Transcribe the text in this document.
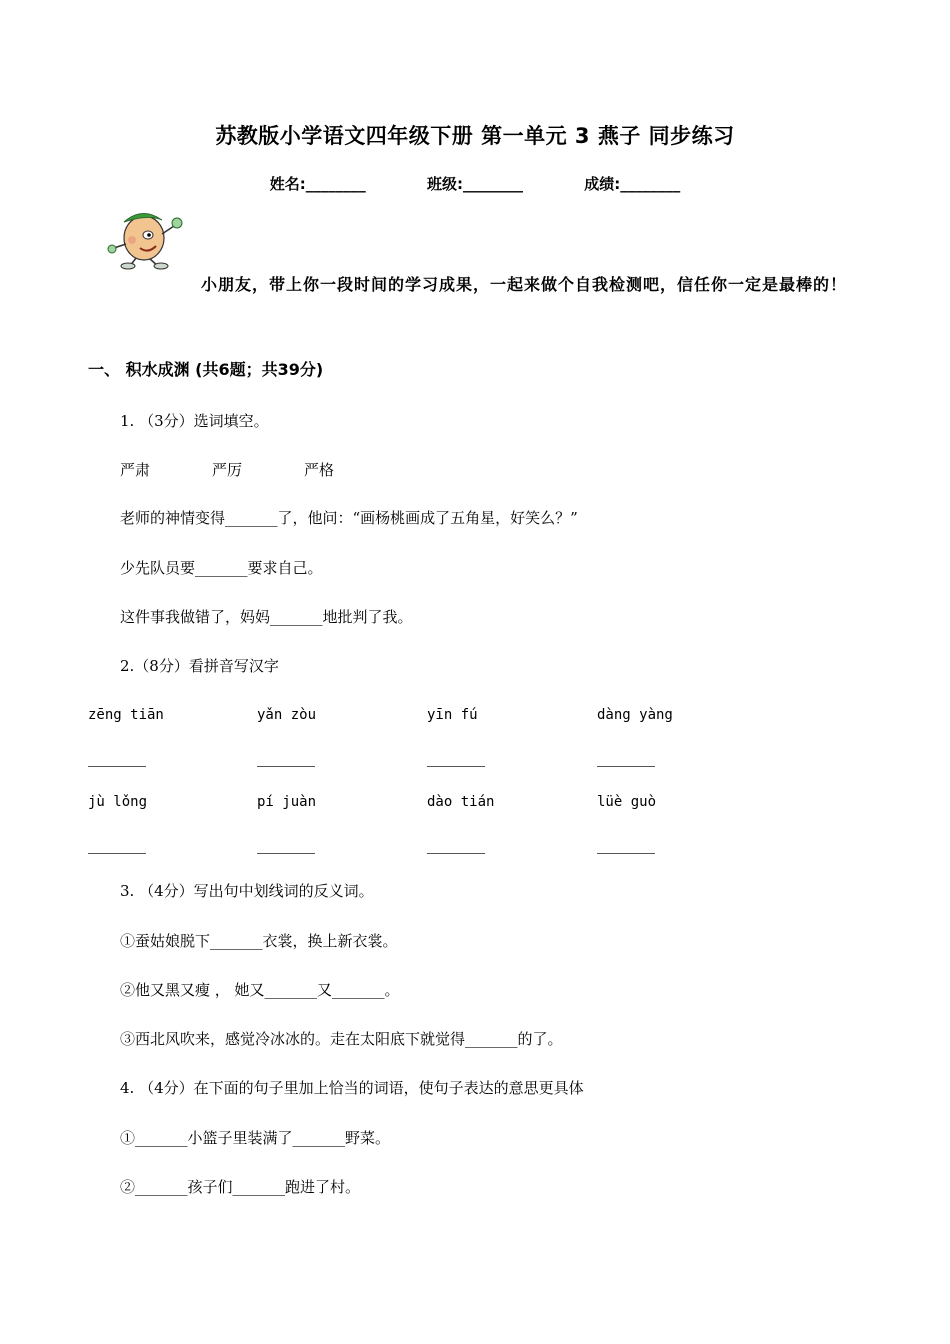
苏教版小学语文四年级下册 第一单元 3 燕子 同步练习
姓名:________	班级:________	成绩:________
小朋友，带上你一段时间的学习成果，一起来做个自我检测吧，信任你一定是最棒的！
一、 积水成渊 (共6题；共39分)
1. （3分）选词填空。
严肃	严厉	严格
老师的神情变得_______了，他问：“画杨桃画成了五角星，好笑么？”
少先队员要_______要求自己。
这件事我做错了，妈妈_______地批判了我。
2.（8分）看拼音写汉字
zēng tiān	yǎn zòu	yīn fú	dàng yàng
jù lǒng	pí juàn	dào tián	lüè guò
3. （4分）写出句中划线词的反义词。
①蚕姑娘脱下_______衣裳，换上新衣裳。
②他又黑又瘦 ， 她又_______又_______。
③西北风吹来，感觉冷冰冰的。走在太阳底下就觉得_______的了。
4. （4分）在下面的句子里加上恰当的词语，使句子表达的意思更具体
①_______小篮子里装满了_______野菜。
②_______孩子们_______跑进了村。
